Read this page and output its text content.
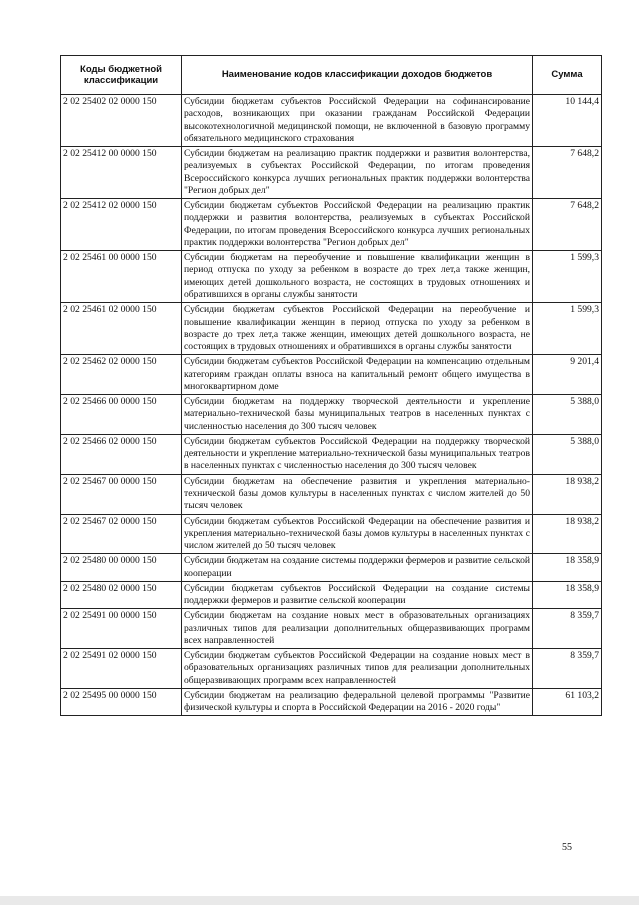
Коды бюджетной классификации	Наименование кодов классификации доходов бюджетов	Сумма
2 02 25402 02 0000 150	Субсидии бюджетам субъектов Российской Федерации на софинансирование расходов, возникающих при оказании гражданам Российской Федерации высокотехнологичной медицинской помощи, не включенной в базовую программу обязательного медицинского страхования	10 144,4
2 02 25412 00 0000 150	Субсидии бюджетам на реализацию практик поддержки и развития волонтерства, реализуемых в субъектах Российской Федерации, по итогам проведения Всероссийского конкурса лучших региональных практик поддержки волонтерства "Регион добрых дел"	7 648,2
2 02 25412 02 0000 150	Субсидии бюджетам субъектов Российской Федерации на реализацию практик поддержки и развития волонтерства, реализуемых в субъектах Российской Федерации, по итогам проведения Всероссийского конкурса лучших региональных практик поддержки волонтерства "Регион добрых дел"	7 648,2
2 02 25461 00 0000 150	Субсидии бюджетам на переобучение и повышение квалификации женщин в период отпуска по уходу за ребенком в возрасте до трех лет,а также женщин, имеющих детей дошкольного возраста, не состоящих в трудовых отношениях и обратившихся в органы службы занятости	1 599,3
2 02 25461 02 0000 150	Субсидии бюджетам субъектов Российской Федерации на переобучение и повышение квалификации женщин в период отпуска по уходу за ребенком в возрасте до трех лет,а также женщин, имеющих детей дошкольного возраста, не состоящих в трудовых отношениях и обратившихся в органы службы занятости	1 599,3
2 02 25462 02 0000 150	Субсидии бюджетам субъектов Российской Федерации на компенсацию отдельным категориям граждан оплаты взноса на капитальный ремонт общего имущества в многоквартирном доме	9 201,4
2 02 25466 00 0000 150	Субсидии бюджетам на поддержку творческой деятельности и укрепление материально-технической базы муниципальных театров в населенных пунктах с численностью населения до 300 тысяч человек	5 388,0
2 02 25466 02 0000 150	Субсидии бюджетам субъектов Российской Федерации на поддержку творческой деятельности и укрепление материально-технической базы муниципальных театров в населенных пунктах с численностью населения до 300 тысяч человек	5 388,0
2 02 25467 00 0000 150	Субсидии бюджетам на обеспечение развития и укрепления материально-технической базы домов культуры в населенных пунктах с числом жителей до 50 тысяч человек	18 938,2
2 02 25467 02 0000 150	Субсидии бюджетам субъектов Российской Федерации на обеспечение развития и укрепления материально-технической базы домов культуры в населенных пунктах с числом жителей до 50 тысяч человек	18 938,2
2 02 25480 00 0000 150	Субсидии бюджетам на создание системы поддержки фермеров и развитие сельской кооперации	18 358,9
2 02 25480 02 0000 150	Субсидии бюджетам субъектов Российской Федерации на создание системы поддержки фермеров и развитие сельской кооперации	18 358,9
2 02 25491 00 0000 150	Субсидии бюджетам на создание новых мест в образовательных организациях различных типов для реализации дополнительных общеразвивающих программ всех направленностей	8 359,7
2 02 25491 02 0000 150	Субсидии бюджетам субъектов Российской Федерации на создание новых мест в образовательных организациях различных типов для реализации дополнительных общеразвивающих программ всех направленностей	8 359,7
2 02 25495 00 0000 150	Субсидии бюджетам на реализацию федеральной целевой программы "Развитие физической культуры и спорта в Российской Федерации на 2016 - 2020 годы"	61 103,2
55
